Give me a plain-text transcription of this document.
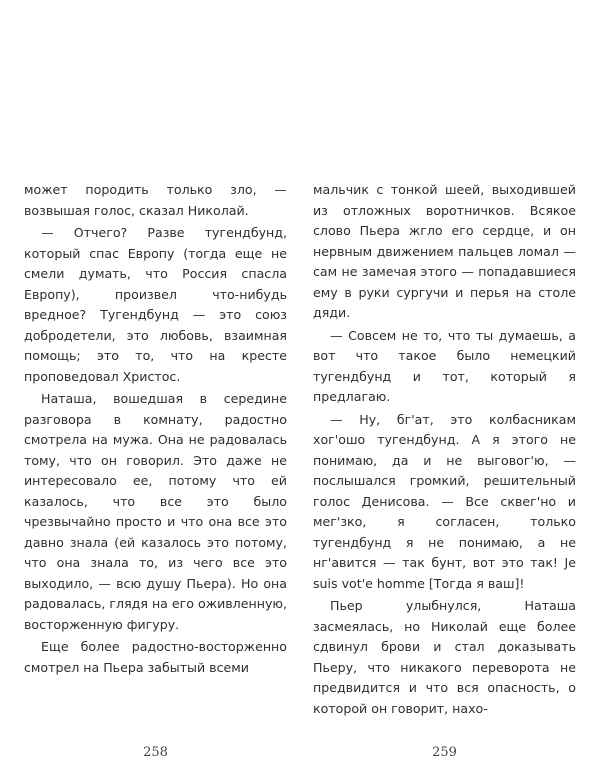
может породить только зло, — возвышая голос, сказал Николай.

— Отчего? Разве тугендбунд, который спас Европу (тогда еще не смели думать, что Россия спасла Европу), произвел что-нибудь вредное? Тугендбунд — это союз добродетели, это любовь, взаимная помощь; это то, что на кресте проповедовал Христос.

Наташа, вошедшая в середине разговора в комнату, радостно смотрела на мужа. Она не радовалась тому, что он говорил. Это даже не интересовало ее, потому что ей казалось, что все это было чрезвычайно просто и что она все это давно знала (ей казалось это потому, что она знала то, из чего все это выходило, — всю душу Пьера). Но она радовалась, глядя на его оживленную, восторженную фигуру.

Еще более радостно-восторженно смотрел на Пьера забытый всеми

258

мальчик с тонкой шеей, выходившей из отложных воротничков. Всякое слово Пьера жгло его сердце, и он нервным движением пальцев ломал — сам не замечая этого — попадавшиеся ему в руки сургучи и перья на столе дяди.

— Совсем не то, что ты думаешь, а вот что такое было немецкий тугендбунд и тот, который я предлагаю.

— Ну, бг'ат, это колбасникам хог'ошо тугендбунд. А я этого не понимаю, да и не выговог'ю, — послышался громкий, решительный голос Денисова. — Все сквег'но и мег'зко, я согласен, только тугендбунд я не понимаю, а не нг'авится — так бунт, вот это так! Je suis vot'e homme [Тогда я ваш]!

Пьер улыбнулся, Наташа засмеялась, но Николай еще более сдвинул брови и стал доказывать Пьеру, что никакого переворота не предвидится и что вся опасность, о которой он говорит, нахо-

259
